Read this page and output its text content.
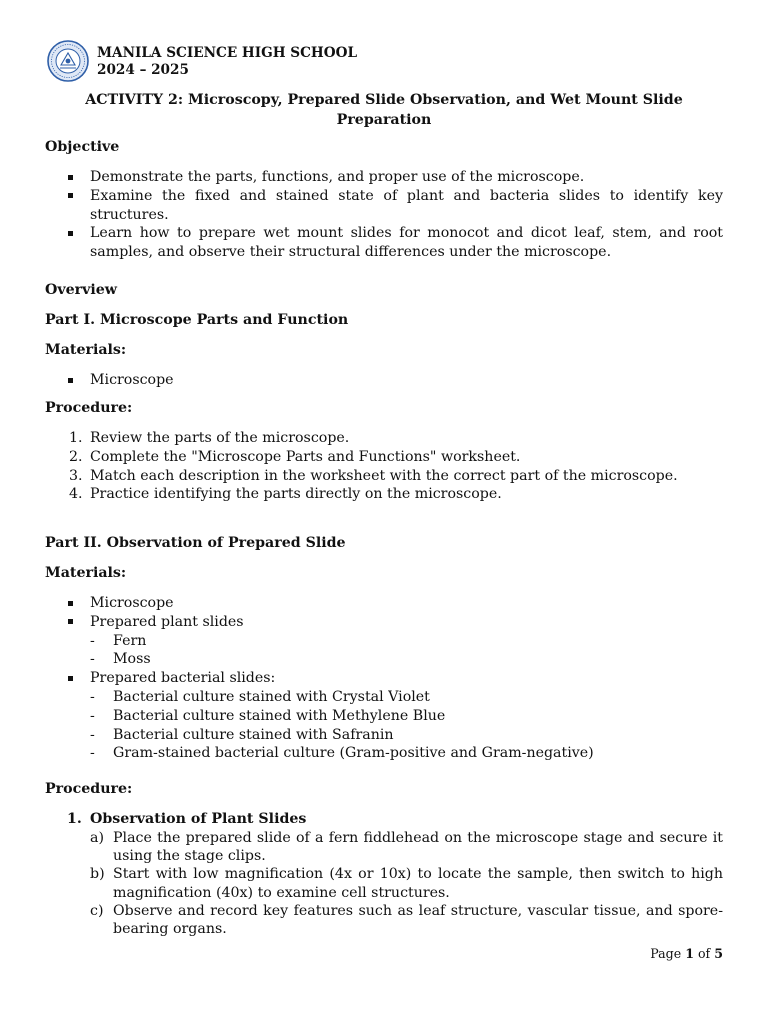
MANILA SCIENCE HIGH SCHOOL
2024 – 2025
ACTIVITY 2: Microscopy, Prepared Slide Observation, and Wet Mount Slide
Preparation
Objective
Demonstrate the parts, functions, and proper use of the microscope.
Examine the fixed and stained state of plant and bacteria slides to identify key structures.
Learn how to prepare wet mount slides for monocot and dicot leaf, stem, and root samples, and observe their structural differences under the microscope.
Overview
Part I. Microscope Parts and Function
Materials:
Microscope
Procedure:
1. Review the parts of the microscope.
2. Complete the "Microscope Parts and Functions" worksheet.
3. Match each description in the worksheet with the correct part of the microscope.
4. Practice identifying the parts directly on the microscope.
Part II. Observation of Prepared Slide
Materials:
Microscope
Prepared plant slides
- Fern
- Moss
Prepared bacterial slides:
- Bacterial culture stained with Crystal Violet
- Bacterial culture stained with Methylene Blue
- Bacterial culture stained with Safranin
- Gram-stained bacterial culture (Gram-positive and Gram-negative)
Procedure:
1. Observation of Plant Slides
a) Place the prepared slide of a fern fiddlehead on the microscope stage and secure it using the stage clips.
b) Start with low magnification (4x or 10x) to locate the sample, then switch to high magnification (40x) to examine cell structures.
c) Observe and record key features such as leaf structure, vascular tissue, and spore-bearing organs.
Page 1 of 5
